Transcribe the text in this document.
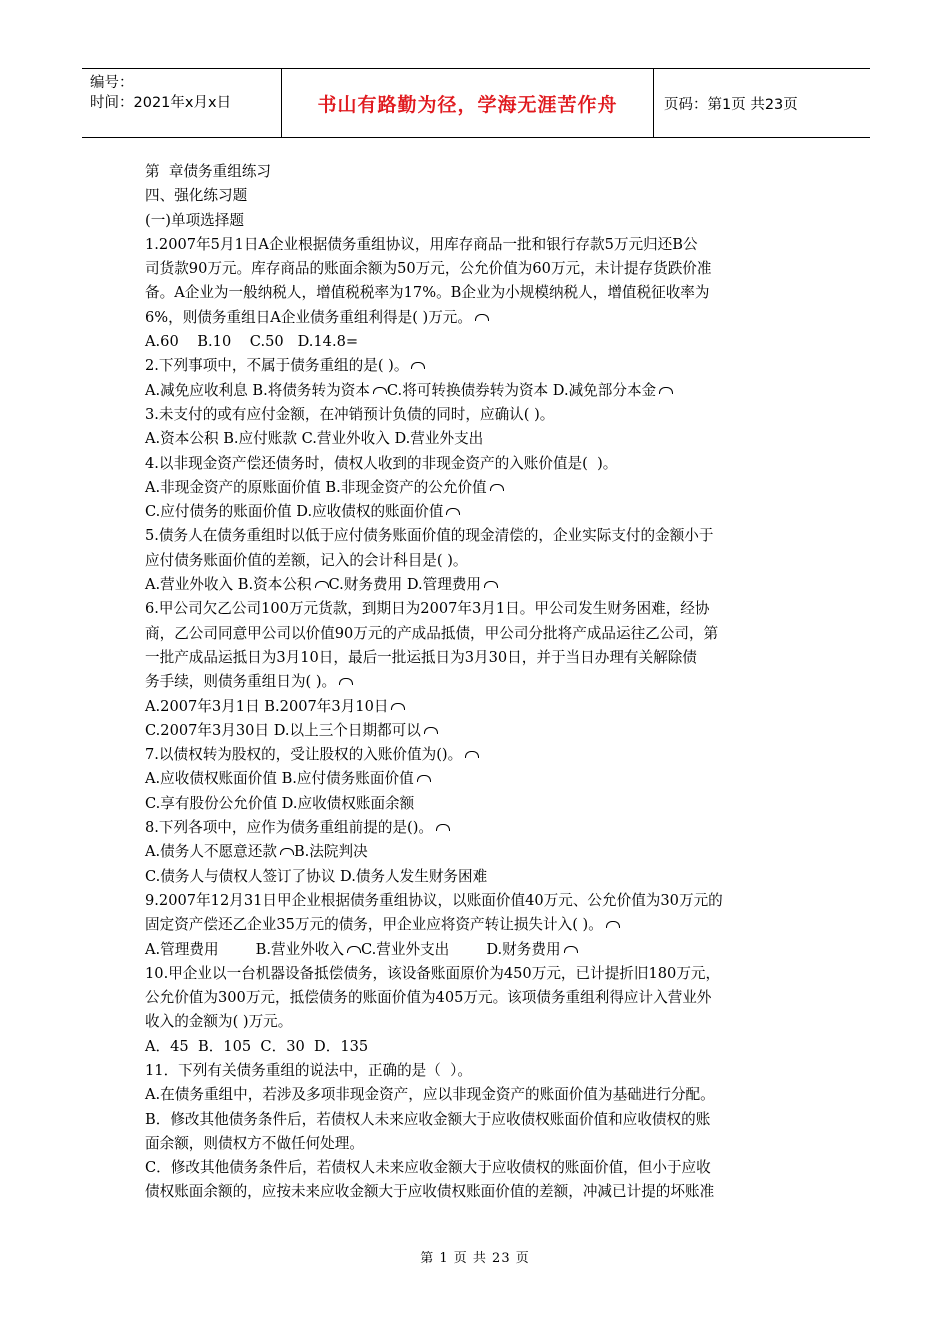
编号：
时间：2021年x月x日	书山有路勤为径，学海无涯苦作舟	页码：第1页 共23页

第  章债务重组练习

四、强化练习题

(一)单项选择题

1.2007年5月1日A企业根据债务重组协议，用库存商品一批和银行存款5万元归还B公

司货款90万元。库存商品的账面余额为50万元，公允价值为60万元，未计提存货跌价准

备。A企业为一般纳税人，增值税税率为17%。B企业为小规模纳税人，增值税征收率为

6%，则债务重组日A企业债务重组利得是( )万元。

A.60    B.10    C.50   D.14.8=

2.下列事项中，不属于债务重组的是( )。

A.减免应收利息 B.将债务转为资本 C.将可转换债券转为资本 D.减免部分本金

3.未支付的或有应付金额，在冲销预计负债的同时，应确认( )。

A.资本公积 B.应付账款 C.营业外收入 D.营业外支出

4.以非现金资产偿还债务时，债权人收到的非现金资产的入账价值是(  )。

A.非现金资产的原账面价值 B.非现金资产的公允价值

C.应付债务的账面价值 D.应收债权的账面价值

5.债务人在债务重组时以低于应付债务账面价值的现金清偿的，企业实际支付的金额小于

应付债务账面价值的差额，记入的会计科目是( )。

A.营业外收入 B.资本公积 C.财务费用 D.管理费用

6.甲公司欠乙公司100万元货款，到期日为2007年3月1日。甲公司发生财务困难，经协

商，乙公司同意甲公司以价值90万元的产成品抵债，甲公司分批将产成品运往乙公司，第

一批产成品运抵日为3月10日，最后一批运抵日为3月30日，并于当日办理有关解除债

务手续，则债务重组日为( )。

A.2007年3月1日 B.2007年3月10日

C.2007年3月30日 D.以上三个日期都可以

7.以债权转为股权的，受让股权的入账价值为()。

A.应收债权账面价值 B.应付债务账面价值

C.享有股份公允价值 D.应收债权账面余额

8.下列各项中，应作为债务重组前提的是()。

A.债务人不愿意还款 B.法院判决

C.债务人与债权人签订了协议 D.债务人发生财务困难

9.2007年12月31日甲企业根据债务重组协议，以账面价值40万元、公允价值为30万元的

固定资产偿还乙企业35万元的债务，甲企业应将资产转让损失计入( )。

A.管理费用        B.营业外收入 C.营业外支出        D.财务费用

10.甲企业以一台机器设备抵偿债务，该设备账面原价为450万元，已计提折旧180万元，

公允价值为300万元，抵偿债务的账面价值为405万元。该项债务重组利得应计入营业外

收入的金额为( )万元。

A．45  B．105  C．30  D．135

11．下列有关债务重组的说法中，正确的是（  ）。

A.在债务重组中，若涉及多项非现金资产，应以非现金资产的账面价值为基础进行分配。

B．修改其他债务条件后，若债权人未来应收金额大于应收债权账面价值和应收债权的账

面余额，则债权方不做任何处理。

C．修改其他债务条件后，若债权人未来应收金额大于应收债权的账面价值，但小于应收

债权账面余额的，应按未来应收金额大于应收债权账面价值的差额，冲减已计提的坏账准

第 1 页 共 23 页
